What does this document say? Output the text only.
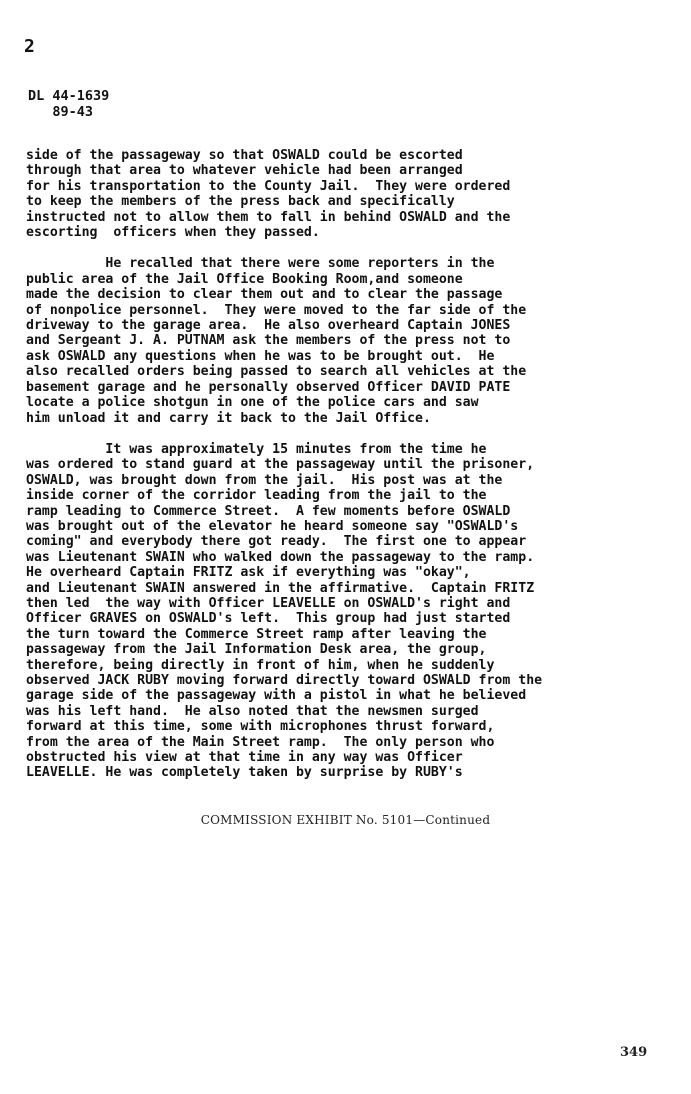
2
DL 44-1639
89-43
side of the passageway so that OSWALD could be escorted
through that area to whatever vehicle had been arranged
for his transportation to the County Jail.  They were ordered
to keep the members of the press back and specifically
instructed not to allow them to fall in behind OSWALD and the
escorting  officers when they passed.
He recalled that there were some reporters in the
public area of the Jail Office Booking Room,and someone
made the decision to clear them out and to clear the passage
of nonpolice personnel.  They were moved to the far side of the
driveway to the garage area.  He also overheard Captain JONES
and Sergeant J. A. PUTNAM ask the members of the press not to
ask OSWALD any questions when he was to be brought out.  He
also recalled orders being passed to search all vehicles at the
basement garage and he personally observed Officer DAVID PATE
locate a police shotgun in one of the police cars and saw
him unload it and carry it back to the Jail Office.
It was approximately 15 minutes from the time he
was ordered to stand guard at the passageway until the prisoner,
OSWALD, was brought down from the jail.  His post was at the
inside corner of the corridor leading from the jail to the
ramp leading to Commerce Street.  A few moments before OSWALD
was brought out of the elevator he heard someone say "OSWALD's
coming" and everybody there got ready.  The first one to appear
was Lieutenant SWAIN who walked down the passageway to the ramp.
He overheard Captain FRITZ ask if everything was "okay",
and Lieutenant SWAIN answered in the affirmative.  Captain FRITZ
then led  the way with Officer LEAVELLE on OSWALD's right and
Officer GRAVES on OSWALD's left.  This group had just started
the turn toward the Commerce Street ramp after leaving the
passageway from the Jail Information Desk area, the group,
therefore, being directly in front of him, when he suddenly
observed JACK RUBY moving forward directly toward OSWALD from the
garage side of the passageway with a pistol in what he believed
was his left hand.  He also noted that the newsmen surged
forward at this time, some with microphones thrust forward,
from the area of the Main Street ramp.  The only person who
obstructed his view at that time in any way was Officer
LEAVELLE. He was completely taken by surprise by RUBY's
COMMISSION EXHIBIT No. 5101—Continued
349
